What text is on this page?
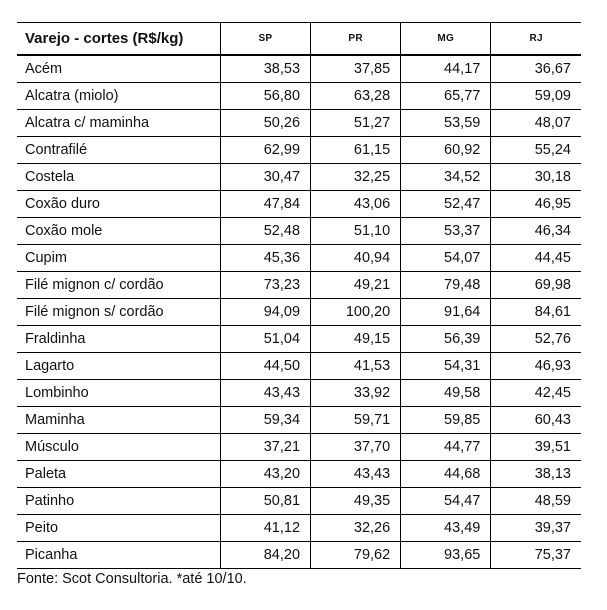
Varejo - cortes (R$/kg)	SP	PR	MG	RJ
Acém	38,53	37,85	44,17	36,67
Alcatra (miolo)	56,80	63,28	65,77	59,09
Alcatra c/ maminha	50,26	51,27	53,59	48,07
Contrafilé	62,99	61,15	60,92	55,24
Costela	30,47	32,25	34,52	30,18
Coxão duro	47,84	43,06	52,47	46,95
Coxão mole	52,48	51,10	53,37	46,34
Cupim	45,36	40,94	54,07	44,45
Filé mignon c/ cordão	73,23	49,21	79,48	69,98
Filé mignon s/ cordão	94,09	100,20	91,64	84,61
Fraldinha	51,04	49,15	56,39	52,76
Lagarto	44,50	41,53	54,31	46,93
Lombinho	43,43	33,92	49,58	42,45
Maminha	59,34	59,71	59,85	60,43
Músculo	37,21	37,70	44,77	39,51
Paleta	43,20	43,43	44,68	38,13
Patinho	50,81	49,35	54,47	48,59
Peito	41,12	32,26	43,49	39,37
Picanha	84,20	79,62	93,65	75,37
Fonte: Scot Consultoria. *até 10/10.
